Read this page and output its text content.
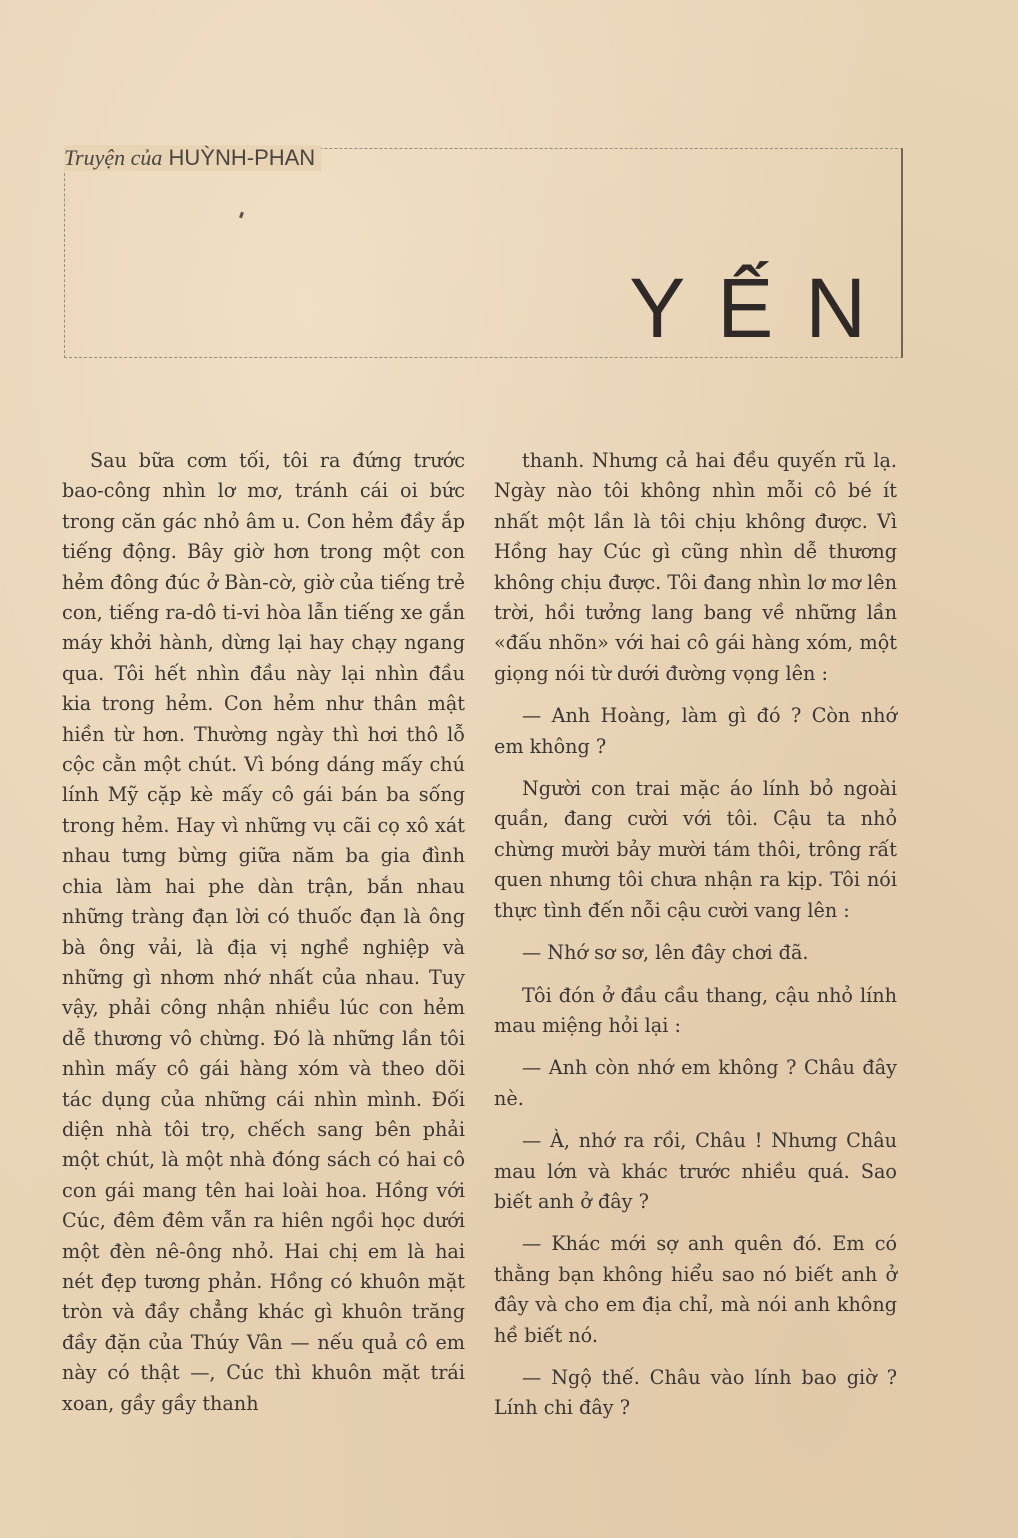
Truyện của HUỲNH-PHAN
YẾN

Sau bữa cơm tối, tôi ra đứng trước bao-công nhìn lơ mơ, tránh cái oi bức trong căn gác nhỏ âm u. Con hẻm đầy ắp tiếng động. Bây giờ hơn trong một con hẻm đông đúc ở Bàn-cờ, giờ của tiếng trẻ con, tiếng ra-dô ti-vi hòa lẫn tiếng xe gắn máy khởi hành, dừng lại hay chạy ngang qua. Tôi hết nhìn đầu này lại nhìn đầu kia trong hẻm. Con hẻm như thân mật hiền từ hơn. Thường ngày thì hơi thô lỗ cộc cằn một chút. Vì bóng dáng mấy chú lính Mỹ cặp kè mấy cô gái bán ba sống trong hẻm. Hay vì những vụ cãi cọ xô xát nhau tưng bừng giữa năm ba gia đình chia làm hai phe dàn trận, bắn nhau những tràng đạn lời có thuốc đạn là ông bà ông vải, là địa vị nghề nghiệp và những gì nhơm nhớ nhất của nhau. Tuy vậy, phải công nhận nhiều lúc con hẻm dễ thương vô chừng. Đó là những lần tôi nhìn mấy cô gái hàng xóm và theo dõi tác dụng của những cái nhìn mình. Đối diện nhà tôi trọ, chếch sang bên phải một chút, là một nhà đóng sách có hai cô con gái mang tên hai loài hoa. Hồng với Cúc, đêm đêm vẫn ra hiên ngồi học dưới một đèn nê-ông nhỏ. Hai chị em là hai nét đẹp tương phản. Hồng có khuôn mặt tròn và đầy chẳng khác gì khuôn trăng đầy đặn của Thúy Vân — nếu quả cô em này có thật —, Cúc thì khuôn mặt trái xoan, gầy gầy thanh

thanh. Nhưng cả hai đều quyến rũ lạ. Ngày nào tôi không nhìn mỗi cô bé ít nhất một lần là tôi chịu không được. Vì Hồng hay Cúc gì cũng nhìn dễ thương không chịu được. Tôi đang nhìn lơ mơ lên trời, hồi tưởng lang bang về những lần «đấu nhõn» với hai cô gái hàng xóm, một giọng nói từ dưới đường vọng lên :

— Anh Hoàng, làm gì đó ? Còn nhớ em không ?

Người con trai mặc áo lính bỏ ngoài quần, đang cười với tôi. Cậu ta nhỏ chừng mười bảy mười tám thôi, trông rất quen nhưng tôi chưa nhận ra kịp. Tôi nói thực tình đến nỗi cậu cười vang lên :

— Nhớ sơ sơ, lên đây chơi đã.

Tôi đón ở đầu cầu thang, cậu nhỏ lính mau miệng hỏi lại :

— Anh còn nhớ em không ? Châu đây nè.

— À, nhớ ra rồi, Châu ! Nhưng Châu mau lớn và khác trước nhiều quá. Sao biết anh ở đây ?

— Khác mới sợ anh quên đó. Em có thằng bạn không hiểu sao nó biết anh ở đây và cho em địa chỉ, mà nói anh không hề biết nó.

— Ngộ thế. Châu vào lính bao giờ ? Lính chi đây ?
